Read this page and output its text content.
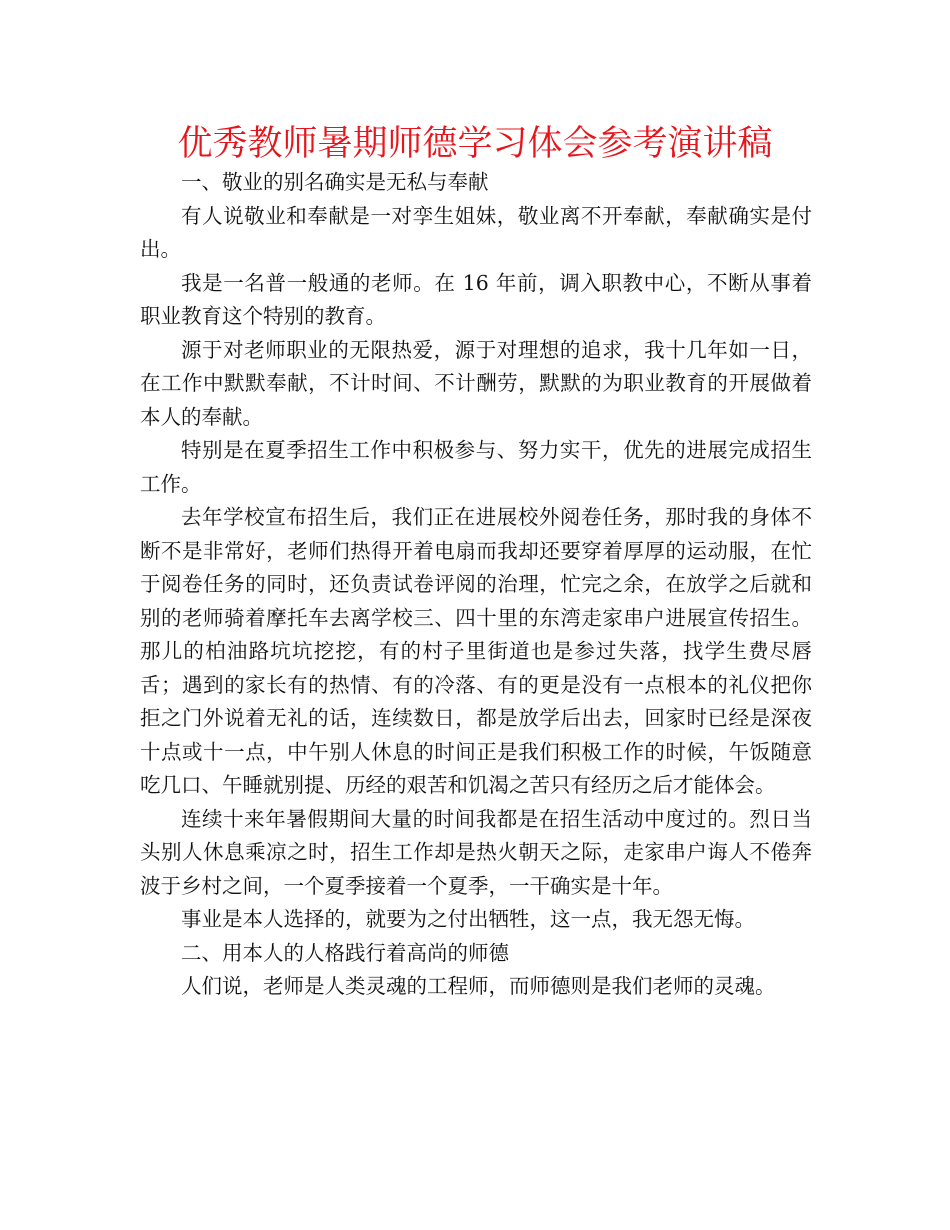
优秀教师暑期师德学习体会参考演讲稿

一、敬业的别名确实是无私与奉献

有人说敬业和奉献是一对孪生姐妹，敬业离不开奉献，奉献确实是付出。

我是一名普一般通的老师。在 16 年前，调入职教中心，不断从事着职业教育这个特别的教育。

源于对老师职业的无限热爱，源于对理想的追求，我十几年如一日，在工作中默默奉献，不计时间、不计酬劳，默默的为职业教育的开展做着本人的奉献。

特别是在夏季招生工作中积极参与、努力实干，优先的进展完成招生工作。

去年学校宣布招生后，我们正在进展校外阅卷任务，那时我的身体不断不是非常好，老师们热得开着电扇而我却还要穿着厚厚的运动服，在忙于阅卷任务的同时，还负责试卷评阅的治理，忙完之余，在放学之后就和别的老师骑着摩托车去离学校三、四十里的东湾走家串户进展宣传招生。那儿的柏油路坑坑挖挖，有的村子里街道也是参过失落，找学生费尽唇舌；遇到的家长有的热情、有的冷落、有的更是没有一点根本的礼仪把你拒之门外说着无礼的话，连续数日，都是放学后出去，回家时已经是深夜十点或十一点，中午别人休息的时间正是我们积极工作的时候，午饭随意吃几口、午睡就别提、历经的艰苦和饥渴之苦只有经历之后才能体会。

连续十来年暑假期间大量的时间我都是在招生活动中度过的。烈日当头别人休息乘凉之时，招生工作却是热火朝天之际，走家串户诲人不倦奔波于乡村之间，一个夏季接着一个夏季，一干确实是十年。

事业是本人选择的，就要为之付出牺牲，这一点，我无怨无悔。

二、用本人的人格践行着高尚的师德

人们说，老师是人类灵魂的工程师，而师德则是我们老师的灵魂。
